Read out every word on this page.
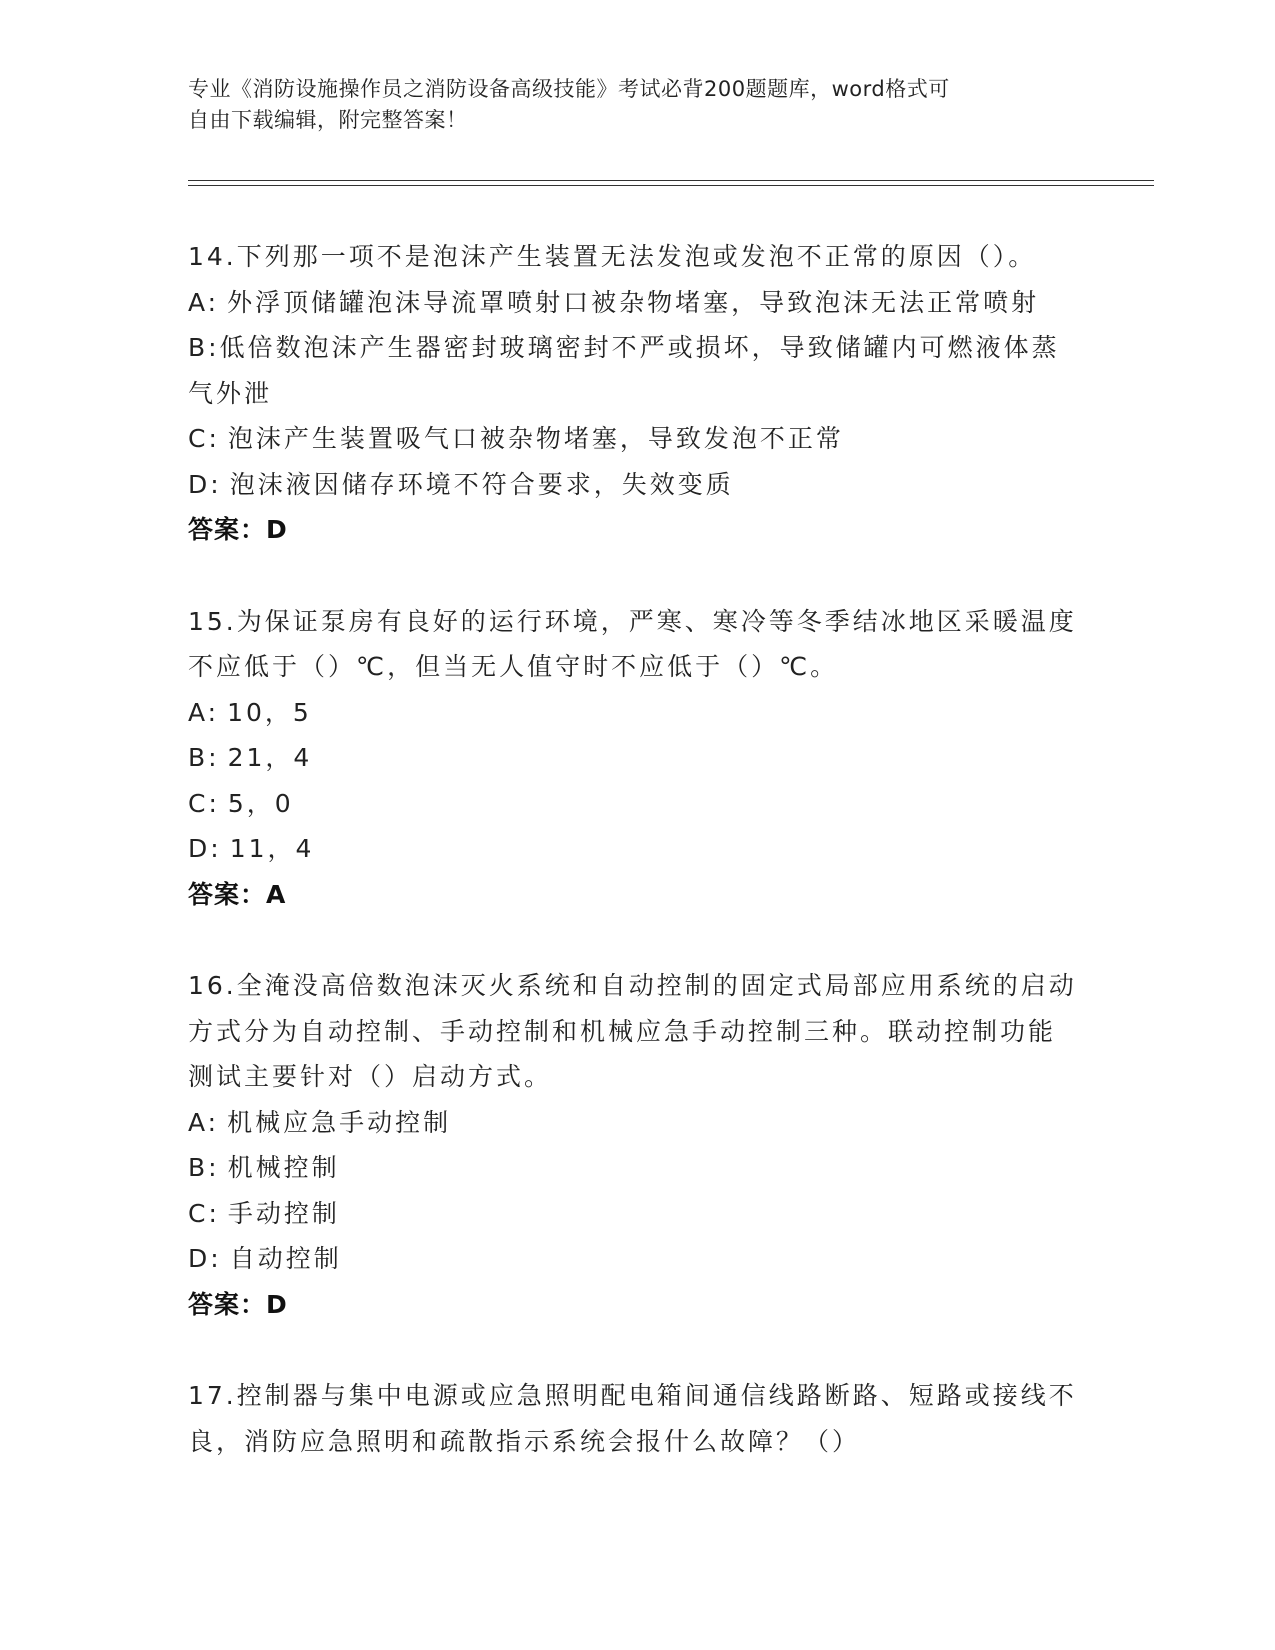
专业《消防设施操作员之消防设备高级技能》考试必背200题题库，word格式可
自由下载编辑，附完整答案！
14.下列那一项不是泡沫产生装置无法发泡或发泡不正常的原因（）。
A: 外浮顶储罐泡沫导流罩喷射口被杂物堵塞，导致泡沫无法正常喷射
B:低倍数泡沫产生器密封玻璃密封不严或损坏，导致储罐内可燃液体蒸气外泄
C: 泡沫产生装置吸气口被杂物堵塞，导致发泡不正常
D: 泡沫液因储存环境不符合要求，失效变质
答案：D
15.为保证泵房有良好的运行环境，严寒、寒冷等冬季结冰地区采暖温度不应低于（）℃，但当无人值守时不应低于（）℃。
A: 10，5
B: 21，4
C: 5，0
D: 11，4
答案：A
16.全淹没高倍数泡沫灭火系统和自动控制的固定式局部应用系统的启动方式分为自动控制、手动控制和机械应急手动控制三种。联动控制功能测试主要针对（）启动方式。
A: 机械应急手动控制
B: 机械控制
C: 手动控制
D: 自动控制
答案：D
17.控制器与集中电源或应急照明配电箱间通信线路断路、短路或接线不良，消防应急照明和疏散指示系统会报什么故障？（）
